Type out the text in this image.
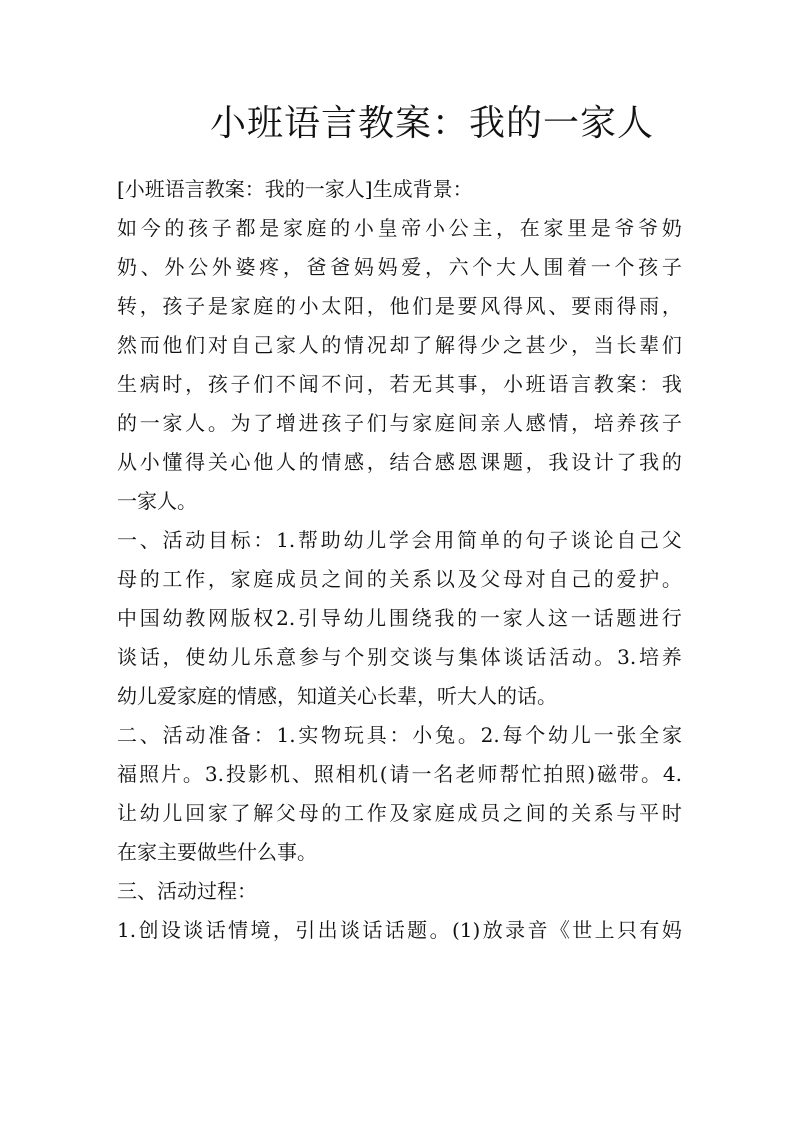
小班语言教案：我的一家人
[小班语言教案：我的一家人]生成背景：
如 今 的 孩 子 都 是 家 庭 的 小 皇 帝 小 公 主 ， 在 家 里 是 爷 爷 奶
奶 、 外 公 外 婆 疼 ， 爸 爸 妈 妈 爱 ， 六 个 大 人 围 着 一 个 孩 子
转 ， 孩 子 是 家 庭 的 小 太 阳 ， 他 们 是 要 风 得 风 、 要 雨 得 雨 ，
然 而 他 们 对 自 己 家 人 的 情 况 却 了 解 得 少 之 甚 少 ， 当 长 辈 们
生 病 时 ， 孩 子 们 不 闻 不 问 ， 若 无 其 事 ， 小 班 语 言 教 案 ： 我
的 一 家 人 。 为 了 增 进 孩 子 们 与 家 庭 间 亲 人 感 情 ， 培 养 孩 子
从 小 懂 得 关 心 他 人 的 情 感 ， 结 合 感 恩 课 题 ， 我 设 计 了 我 的
一家人。
一 、 活 动 目 标 ： 1. 帮 助 幼 儿 学 会 用 简 单 的 句 子 谈 论 自 己 父
母 的 工 作 ， 家 庭 成 员 之 间 的 关 系 以 及 父 母 对 自 己 的 爱 护 。
中 国 幼 教 网 版 权 2. 引 导 幼 儿 围 绕 我 的 一 家 人 这 一 话 题 进 行
谈 话 ， 使 幼 儿 乐 意 参 与 个 别 交 谈 与 集 体 谈 话 活 动 。 3. 培 养
幼儿爱家庭的情感，知道关心长辈，听大人的话。
二 、 活 动 准 备 ： 1. 实 物 玩 具 ： 小 兔 。 2. 每 个 幼 儿 一 张 全 家
福 照 片 。 3. 投 影 机 、 照 相 机 ( 请 一 名 老 师 帮 忙 拍 照 ) 磁 带 。 4.
让 幼 儿 回 家 了 解 父 母 的 工 作 及 家 庭 成 员 之 间 的 关 系 与 平 时
在家主要做些什么事。
三、活动过程：
1. 创 设 谈 话 情 境 ， 引 出 谈 话 话 题 。 (1) 放 录 音 《 世 上 只 有 妈
